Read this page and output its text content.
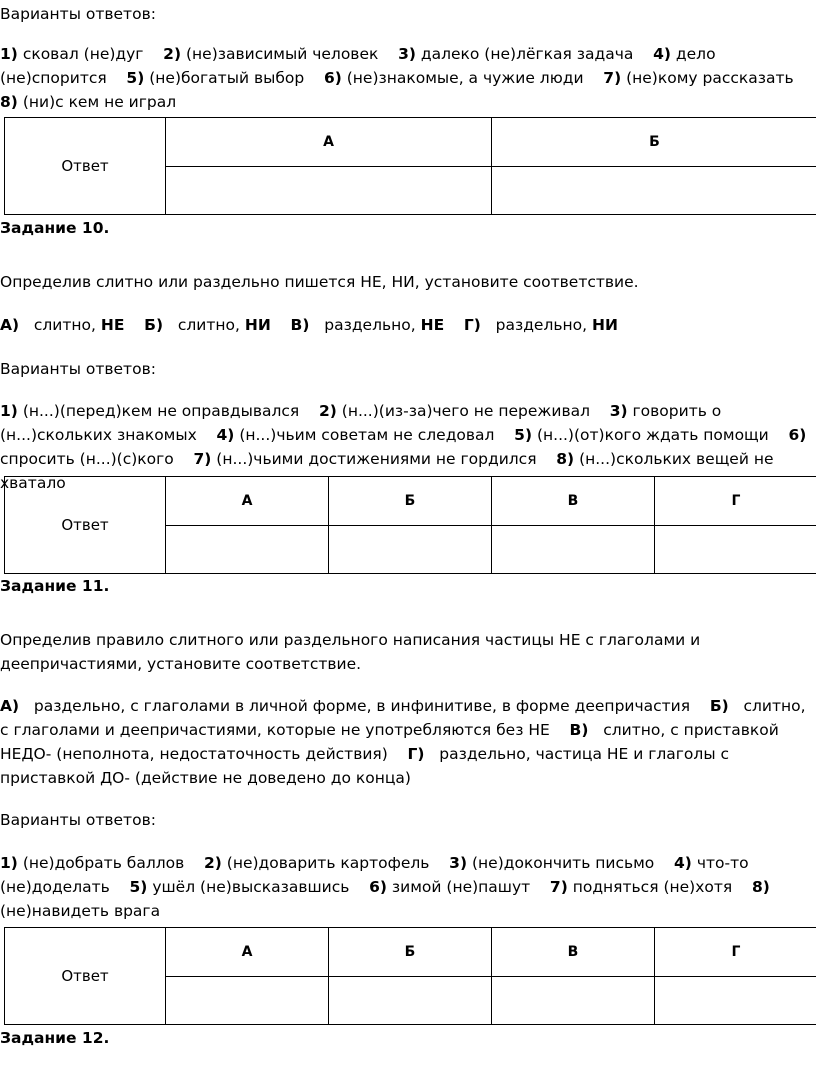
Варианты ответов:
1) сковал (не)дуг 2) (не)зависимый человек 3) далеко (не)лёгкая задача 4) дело (не)спорится 5) (не)богатый выбор 6) (не)знакомые, а чужие люди 7) (не)кому рассказать    8) (ни)с кем не играл
Ответ	А	Б

Задание 10.
Определив слитно или раздельно пишется НЕ, НИ, установите соответствие.
А) слитно, НЕ Б) слитно, НИ В) раздельно, НЕ Г) раздельно, НИ
Варианты ответов:
1) (н...)(перед)кем не оправдывался 2) (н...)(из-за)чего не переживал 3) говорить о (н...)скольких знакомых 4) (н...)чьим советам не следовал 5) (н...)(от)кого ждать помощи 6) спросить (н...)(с)кого 7) (н...)чьими достижениями не гордился 8) (н...)скольких вещей не хватало
Ответ	А	Б	В	Г

Задание 11.
Определив правило слитного или раздельного написания частицы НЕ с глаголами и деепричастиями, установите соответствие.
А) раздельно, с глаголами в личной форме, в инфинитиве, в форме деепричастия Б) слитно, с глаголами и деепричастиями, которые не употребляются без НЕ В) слитно, с приставкой НЕДО- (неполнота, недостаточность действия) Г) раздельно, частица НЕ и глаголы с приставкой ДО- (действие не доведено до конца)
Варианты ответов:
1) (не)добрать баллов 2) (не)доварить картофель 3) (не)докончить письмо 4) что-то (не)доделать 5) ушёл (не)высказавшись 6) зимой (не)пашут 7) подняться (не)хотя 8) (не)навидеть врага
Ответ	А	Б	В	Г

Задание 12.
